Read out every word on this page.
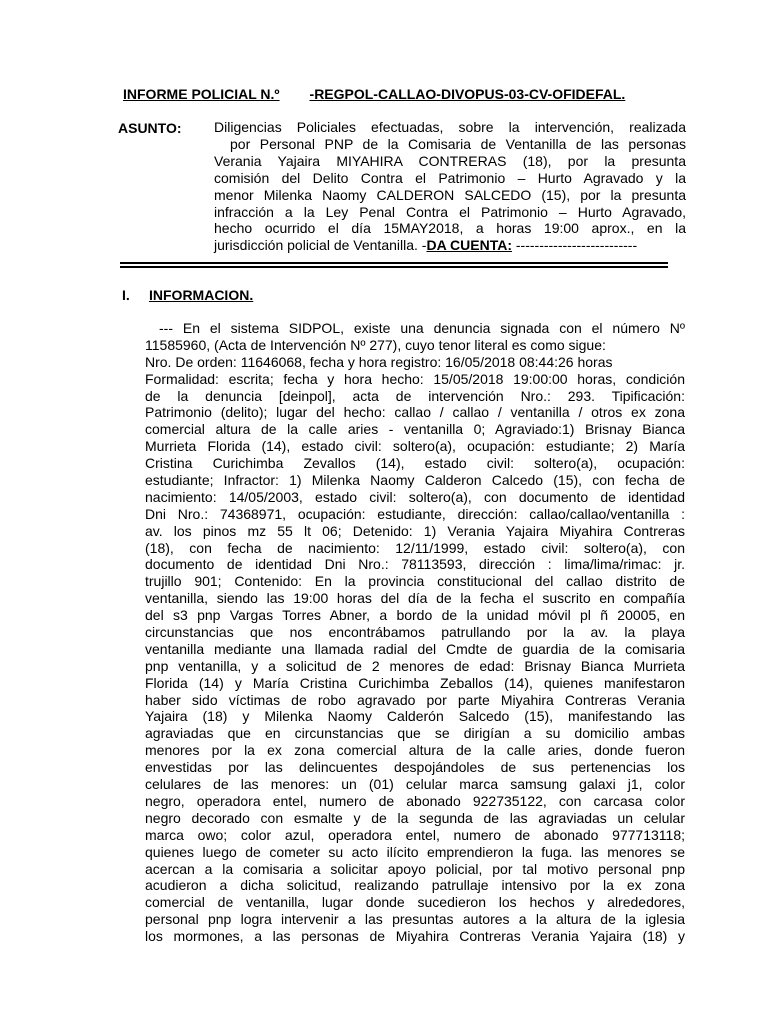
INFORME POLICIAL N.º -REGPOL-CALLAO-DIVOPUS-03-CV-OFIDEFAL.
ASUNTO: Diligencias Policiales efectuadas, sobre la intervención, realizada
por Personal PNP de la Comisaria de Ventanilla de las personas
Verania Yajaira MIYAHIRA CONTRERAS (18), por la presunta
comisión del Delito Contra el Patrimonio – Hurto Agravado y la
menor Milenka Naomy CALDERON SALCEDO (15), por la presunta
infracción a la Ley Penal Contra el Patrimonio – Hurto Agravado,
hecho ocurrido el día 15MAY2018, a horas 19:00 aprox., en la
jurisdicción policial de Ventanilla. -DA CUENTA: --------------------------
I. INFORMACION.
--- En el sistema SIDPOL, existe una denuncia signada con el número Nº
11585960, (Acta de Intervención Nº 277), cuyo tenor literal es como sigue:
Nro. De orden: 11646068, fecha y hora registro: 16/05/2018 08:44:26 horas
Formalidad: escrita; fecha y hora hecho: 15/05/2018 19:00:00 horas, condición
de la denuncia [deinpol], acta de intervención Nro.: 293. Tipificación:
Patrimonio (delito); lugar del hecho: callao / callao / ventanilla / otros ex zona
comercial altura de la calle aries - ventanilla 0; Agraviado:1) Brisnay Bianca
Murrieta Florida (14), estado civil: soltero(a), ocupación: estudiante; 2) María
Cristina Curichimba Zevallos (14), estado civil: soltero(a), ocupación:
estudiante; Infractor: 1) Milenka Naomy Calderon Calcedo (15), con fecha de
nacimiento: 14/05/2003, estado civil: soltero(a), con documento de identidad
Dni Nro.: 74368971, ocupación: estudiante, dirección: callao/callao/ventanilla :
av. los pinos mz 55 lt 06; Detenido: 1) Verania Yajaira Miyahira Contreras
(18), con fecha de nacimiento: 12/11/1999, estado civil: soltero(a), con
documento de identidad Dni Nro.: 78113593, dirección : lima/lima/rimac: jr.
trujillo 901; Contenido: En la provincia constitucional del callao distrito de
ventanilla, siendo las 19:00 horas del día de la fecha el suscrito en compañía
del s3 pnp Vargas Torres Abner, a bordo de la unidad móvil pl ñ 20005, en
circunstancias que nos encontrábamos patrullando por la av. la playa
ventanilla mediante una llamada radial del Cmdte de guardia de la comisaria
pnp ventanilla, y a solicitud de 2 menores de edad: Brisnay Bianca Murrieta
Florida (14) y María Cristina Curichimba Zeballos (14), quienes manifestaron
haber sido víctimas de robo agravado por parte Miyahira Contreras Verania
Yajaira (18) y Milenka Naomy Calderón Salcedo (15), manifestando las
agraviadas que en circunstancias que se dirigían a su domicilio ambas
menores por la ex zona comercial altura de la calle aries, donde fueron
envestidas por las delincuentes despojándoles de sus pertenencias los
celulares de las menores: un (01) celular marca samsung galaxi j1, color
negro, operadora entel, numero de abonado 922735122, con carcasa color
negro decorado con esmalte y de la segunda de las agraviadas un celular
marca owo; color azul, operadora entel, numero de abonado 977713118;
quienes luego de cometer su acto ilícito emprendieron la fuga. las menores se
acercan a la comisaria a solicitar apoyo policial, por tal motivo personal pnp
acudieron a dicha solicitud, realizando patrullaje intensivo por la ex zona
comercial de ventanilla, lugar donde sucedieron los hechos y alrededores,
personal pnp logra intervenir a las presuntas autores a la altura de la iglesia
los mormones, a las personas de Miyahira Contreras Verania Yajaira (18) y
